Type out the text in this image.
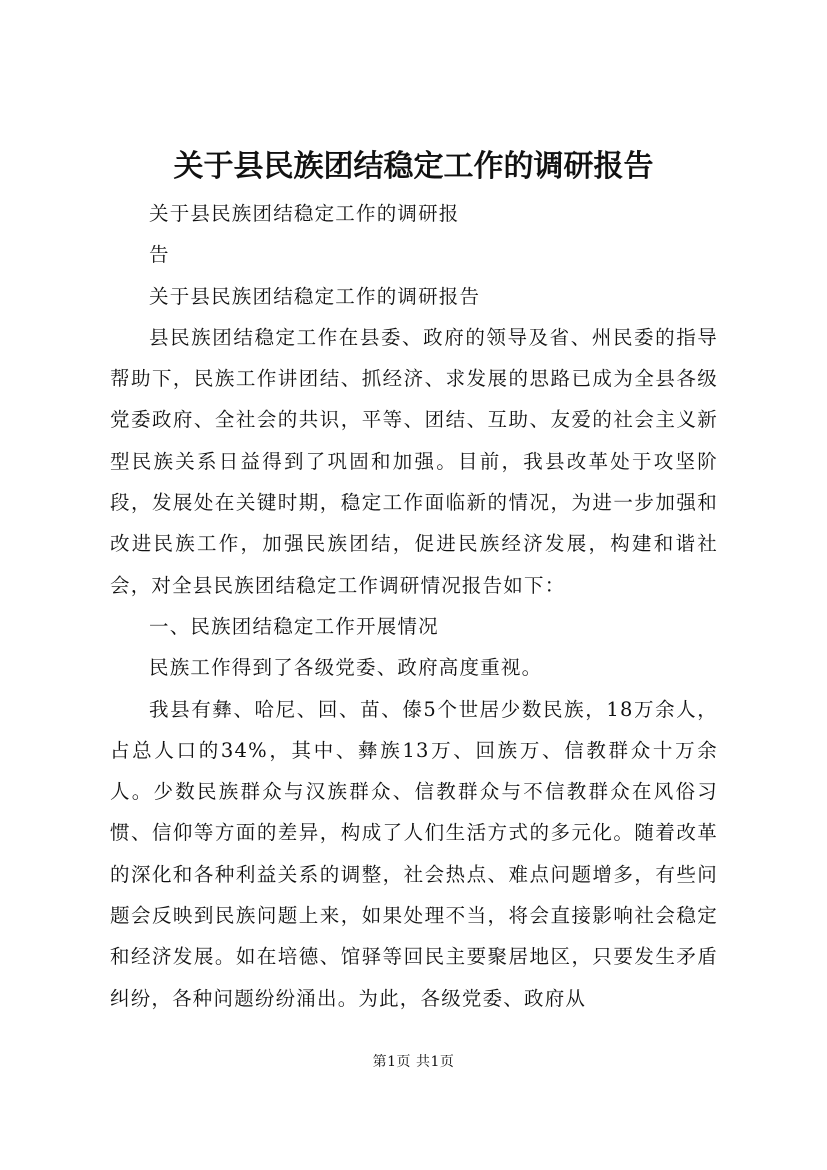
关于县民族团结稳定工作的调研报告

关于县民族团结稳定工作的调研报

告

关于县民族团结稳定工作的调研报告

县民族团结稳定工作在县委、政府的领导及省、州民委的指导帮助下，民族工作讲团结、抓经济、求发展的思路已成为全县各级党委政府、全社会的共识，平等、团结、互助、友爱的社会主义新型民族关系日益得到了巩固和加强。目前，我县改革处于攻坚阶段，发展处在关键时期，稳定工作面临新的情况，为进一步加强和改进民族工作，加强民族团结，促进民族经济发展，构建和谐社会，对全县民族团结稳定工作调研情况报告如下：

一、民族团结稳定工作开展情况

民族工作得到了各级党委、政府高度重视。

我县有彝、哈尼、回、苗、傣5个世居少数民族，18万余人，占总人口的34%，其中、彝族13万、回族万、信教群众十万余人。少数民族群众与汉族群众、信教群众与不信教群众在风俗习惯、信仰等方面的差异，构成了人们生活方式的多元化。随着改革的深化和各种利益关系的调整，社会热点、难点问题增多，有些问题会反映到民族问题上来，如果处理不当，将会直接影响社会稳定和经济发展。如在培德、馆驿等回民主要聚居地区，只要发生矛盾纠纷，各种问题纷纷涌出。为此，各级党委、政府从

第1页 共1页
